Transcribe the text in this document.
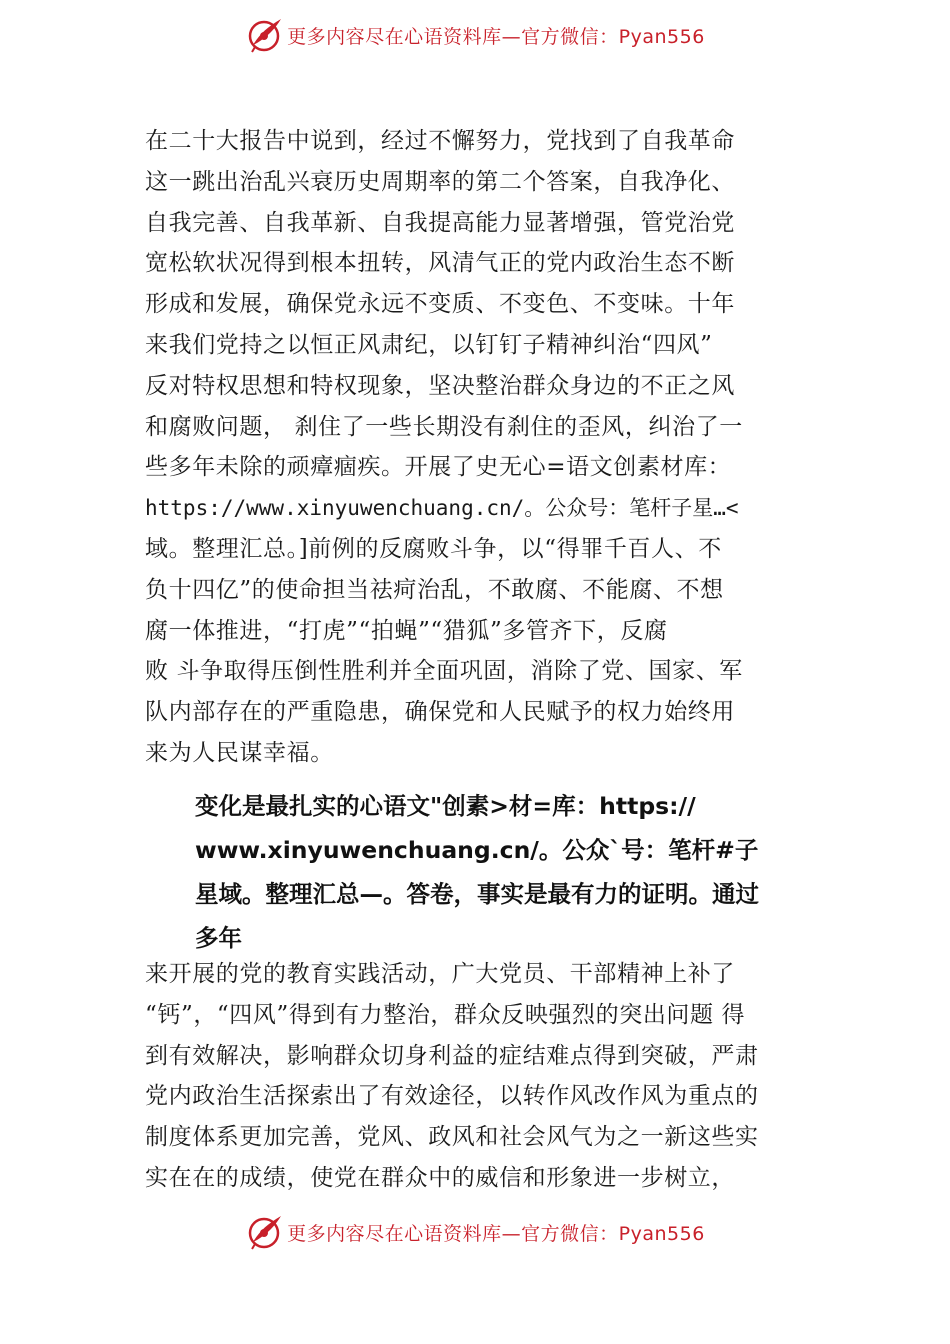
更多内容尽在心语资料库—官方微信：Pyan556
在二十大报告中说到，经过不懈努力，党找到了自我革命
这一跳出治乱兴衰历史周期率的第二个答案，自我净化、
自我完善、自我革新、自我提高能力显著增强，管党治党
宽松软状况得到根本扭转，风清气正的党内政治生态不断
形成和发展，确保党永远不变质、不变色、不变味。十年
来我们党持之以恒正风肃纪，以钉钉子精神纠治“四风”
反对特权思想和特权现象，坚决整治群众身边的不正之风
和腐败问题， 刹住了一些长期没有刹住的歪风，纠治了一
些多年未除的顽瘴痼疾。开展了史无心=语文创素材库：
https://www.xinyuwenchuang.cn/。公众号：笔杆子星…<
域。整理汇总。]前例的反腐败斗争，以“得罪千百人、不
负十四亿”的使命担当祛疴治乱，不敢腐、不能腐、不想
腐一体推进，“打虎”“拍蝇”“猎狐”多管齐下，反腐
败 斗争取得压倒性胜利并全面巩固，消除了党、国家、军
队内部存在的严重隐患，确保党和人民赋予的权力始终用
来为人民谋幸福。
变化是最扎实的心语文"创素>材=库：https://
www.xinyuwenchuang.cn/。公众`号：笔杆#子
星域。整理汇总—。答卷，事实是最有力的证明。通过
多年
来开展的党的教育实践活动，广大党员、干部精神上补了
“钙”，“四风”得到有力整治，群众反映强烈的突出问题 得
到有效解决，影响群众切身利益的症结难点得到突破，严肃
党内政治生活探索出了有效途径，以转作风改作风为重点的
制度体系更加完善，党风、政风和社会风气为之一新这些实
实在在的成绩，使党在群众中的威信和形象进一步树立，
更多内容尽在心语资料库—官方微信：Pyan556
